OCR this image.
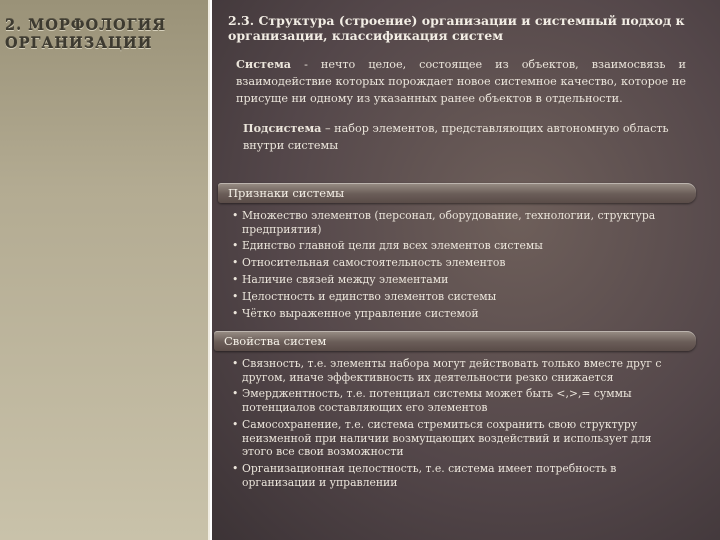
2. МОРФОЛОГИЯ ОРГАНИЗАЦИИ
2.3. Структура (строение) организации и системный подход к организации, классификация систем
Система - нечто целое, состоящее из объектов, взаимосвязь и взаимодействие которых порождает новое системное качество, которое не присуще ни одному из указанных ранее объектов в отдельности.
Подсистема – набор элементов, представляющих автономную область внутри системы
Признаки системы
• Множество элементов (персонал, оборудование, технологии, структура предприятия)
• Единство главной цели для всех элементов системы
• Относительная самостоятельность элементов
• Наличие связей между элементами
• Целостность и единство элементов системы
• Чётко выраженное управление системой
Свойства систем
• Связность, т.е. элементы набора могут действовать только вместе друг с другом, иначе эффективность их деятельности резко снижается
• Эмерджентность, т.е. потенциал системы может быть <,>,= суммы потенциалов составляющих его элементов
• Самосохранение, т.е. система стремиться сохранить свою структуру неизменной при наличии возмущающих воздействий и использует для этого все свои возможности
• Организационная целостность, т.е. система имеет потребность в организации и управлении
